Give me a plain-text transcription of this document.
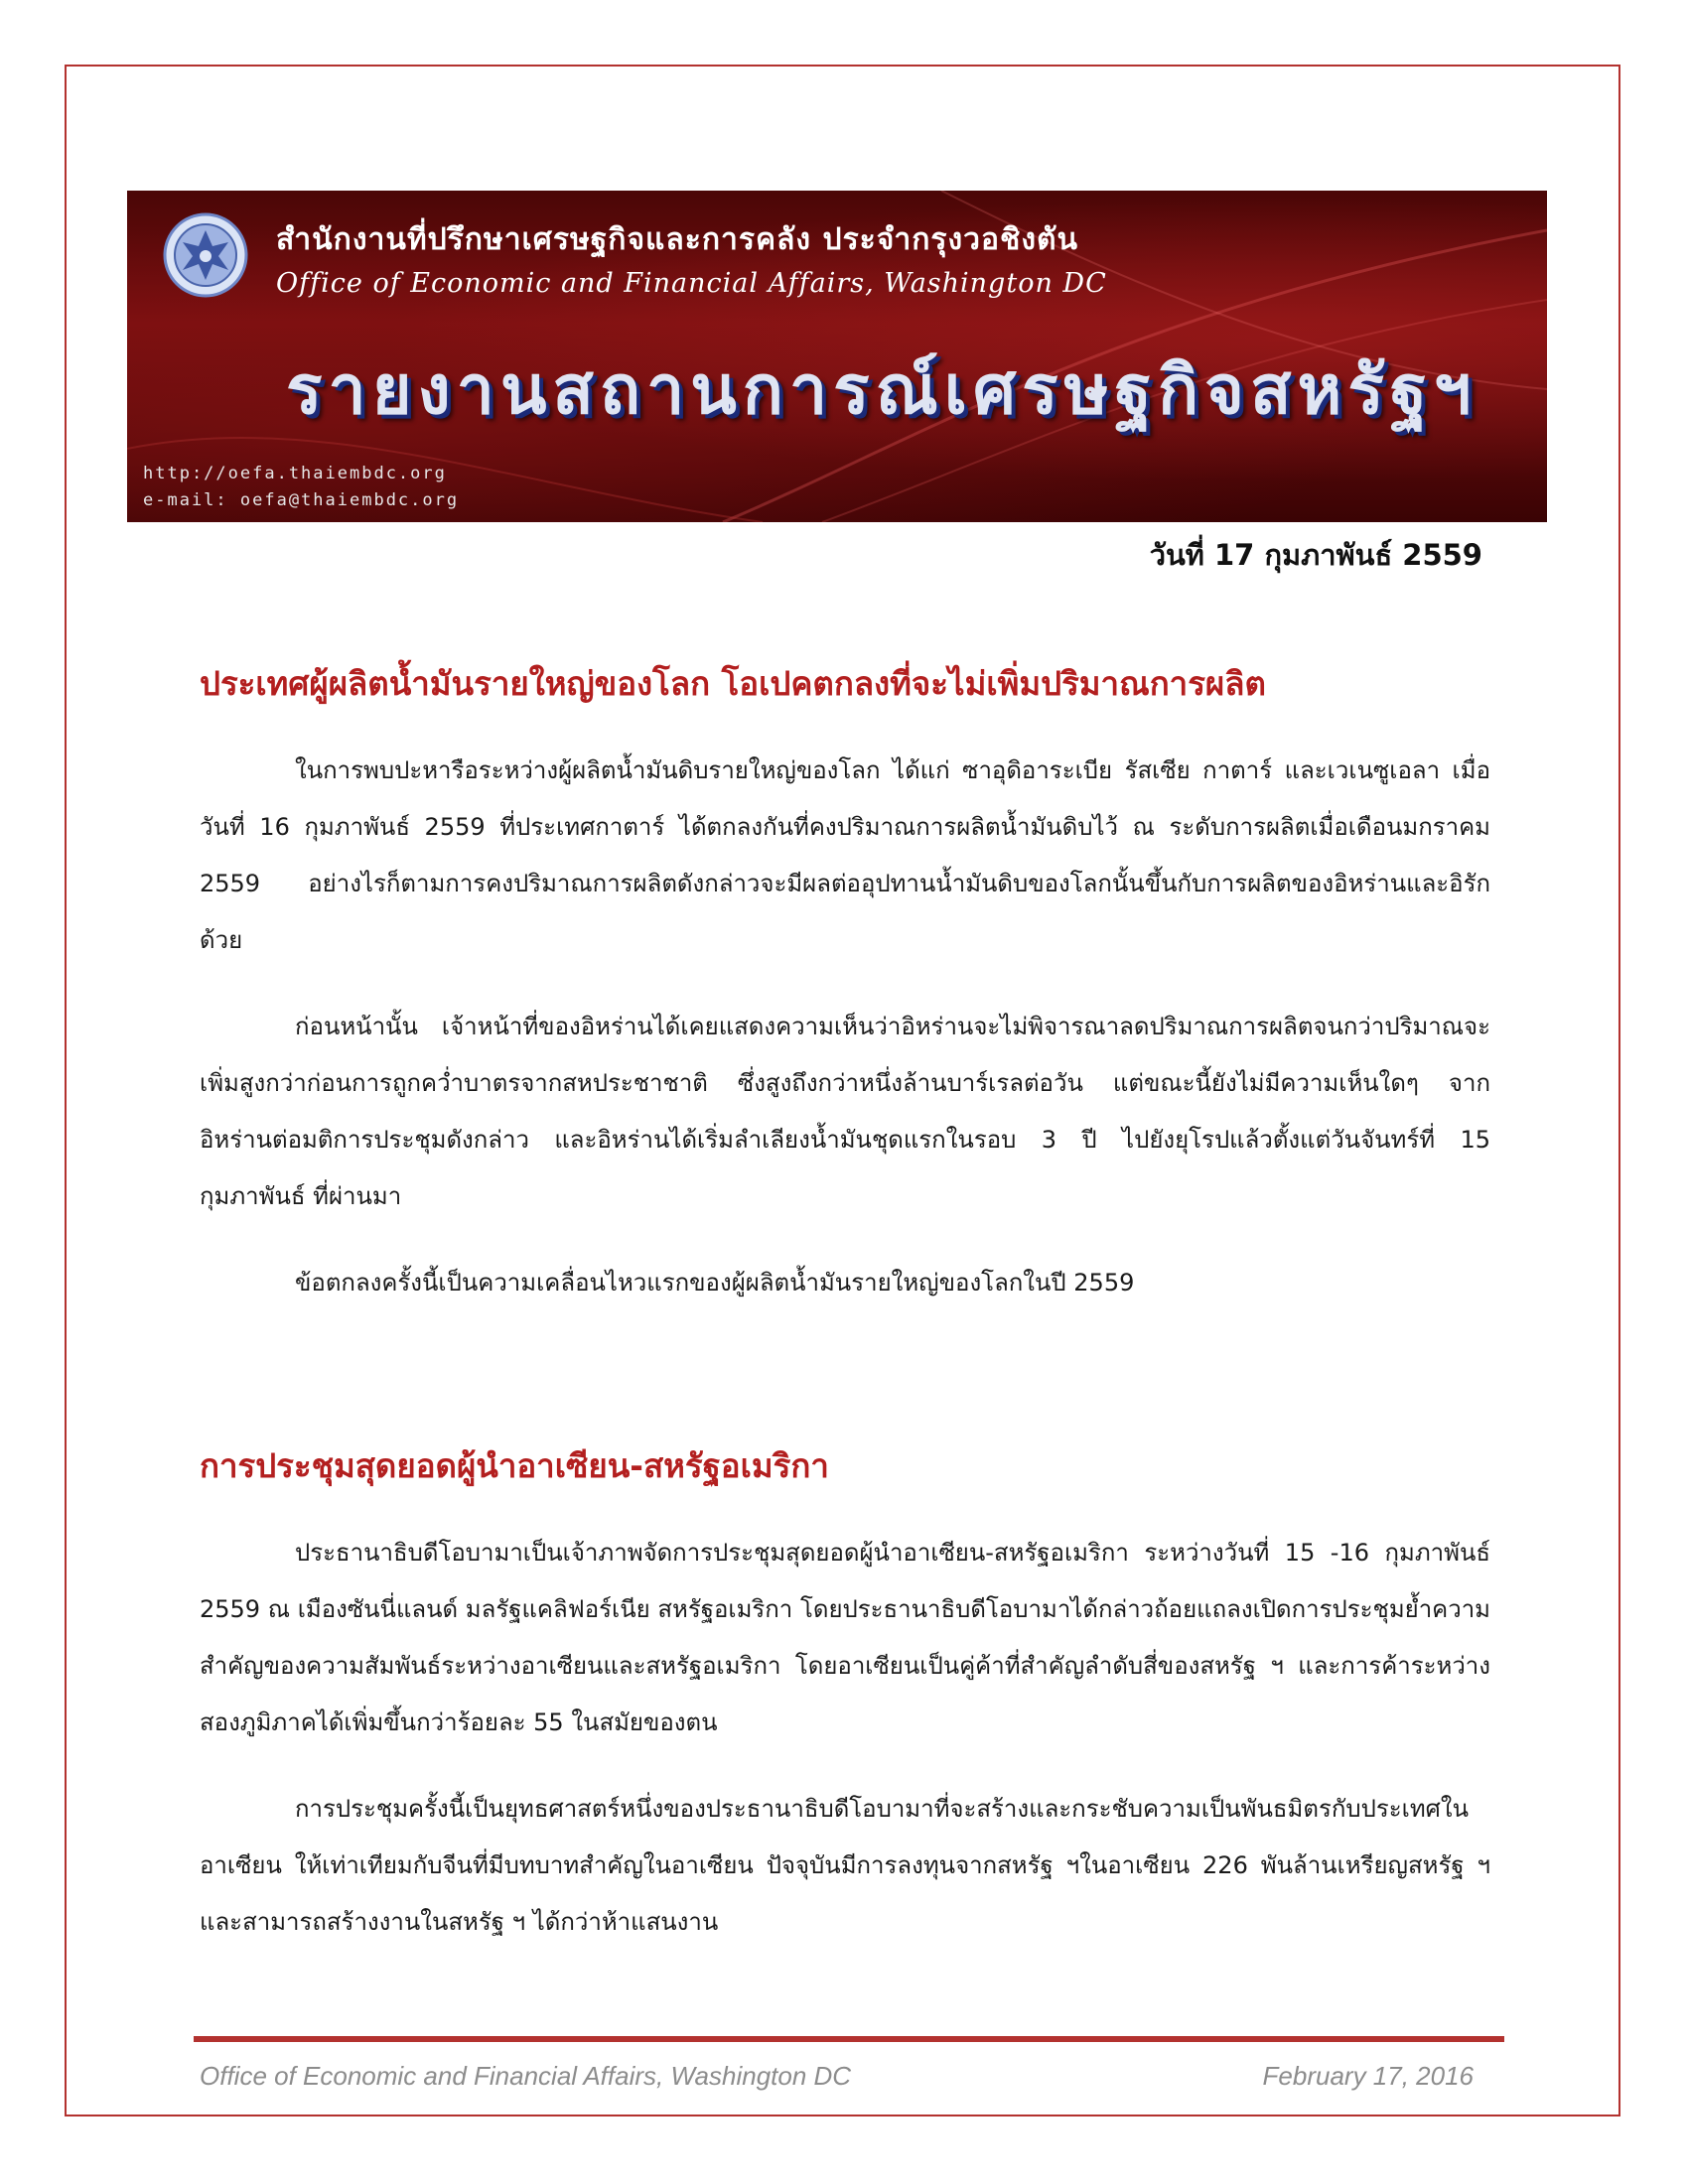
สำนักงานที่ปรึกษาเศรษฐกิจและการคลัง ประจำกรุงวอชิงตัน
Office of Economic and Financial Affairs, Washington DC
รายงานสถานการณ์เศรษฐกิจสหรัฐฯ
http://oefa.thaiembdc.org
e-mail: oefa@thaiembdc.org
วันที่ 17 กุมภาพันธ์ 2559
ประเทศผู้ผลิตน้ำมันรายใหญ่ของโลก โอเปคตกลงที่จะไม่เพิ่มปริมาณการผลิต

ในการพบปะหารือระหว่างผู้ผลิตน้ำมันดิบรายใหญ่ของโลก ได้แก่ ซาอุดิอาระเบีย รัสเซีย กาตาร์ และเวเนซูเอลา เมื่อวันที่ 16 กุมภาพันธ์ 2559 ที่ประเทศกาตาร์ ได้ตกลงกันที่คงปริมาณการผลิตน้ำมันดิบไว้ ณ ระดับการผลิตเมื่อเดือนมกราคม 2559 อย่างไรก็ตามการคงปริมาณการผลิตดังกล่าวจะมีผลต่ออุปทานน้ำมันดิบของโลกนั้นขึ้นกับการผลิตของอิหร่านและอิรักด้วย

ก่อนหน้านั้น เจ้าหน้าที่ของอิหร่านได้เคยแสดงความเห็นว่าอิหร่านจะไม่พิจารณาลดปริมาณการผลิตจนกว่าปริมาณจะเพิ่มสูงกว่าก่อนการถูกคว่ำบาตรจากสหประชาชาติ ซึ่งสูงถึงกว่าหนึ่งล้านบาร์เรลต่อวัน แต่ขณะนี้ยังไม่มีความเห็นใดๆ จากอิหร่านต่อมติการประชุมดังกล่าว และอิหร่านได้เริ่มลำเลียงน้ำมันชุดแรกในรอบ 3 ปี ไปยังยุโรปแล้วตั้งแต่วันจันทร์ที่ 15 กุมภาพันธ์ ที่ผ่านมา

ข้อตกลงครั้งนี้เป็นความเคลื่อนไหวแรกของผู้ผลิตน้ำมันรายใหญ่ของโลกในปี 2559

การประชุมสุดยอดผู้นำอาเซียน-สหรัฐอเมริกา

ประธานาธิบดีโอบามาเป็นเจ้าภาพจัดการประชุมสุดยอดผู้นำอาเซียน-สหรัฐอเมริกา ระหว่างวันที่ 15 -16 กุมภาพันธ์ 2559 ณ เมืองซันนี่แลนด์ มลรัฐแคลิฟอร์เนีย สหรัฐอเมริกา โดยประธานาธิบดีโอบามาได้กล่าวถ้อยแถลงเปิดการประชุมย้ำความสำคัญของความสัมพันธ์ระหว่างอาเซียนและสหรัฐอเมริกา โดยอาเซียนเป็นคู่ค้าที่สำคัญลำดับสี่ของสหรัฐ ฯ และการค้าระหว่างสองภูมิภาคได้เพิ่มขึ้นกว่าร้อยละ 55 ในสมัยของตน

การประชุมครั้งนี้เป็นยุทธศาสตร์หนึ่งของประธานาธิบดีโอบามาที่จะสร้างและกระชับความเป็นพันธมิตรกับประเทศในอาเซียน ให้เท่าเทียมกับจีนที่มีบทบาทสำคัญในอาเซียน ปัจจุบันมีการลงทุนจากสหรัฐ ฯในอาเซียน 226 พันล้านเหรียญสหรัฐ ฯ และสามารถสร้างงานในสหรัฐ ฯ ได้กว่าห้าแสนงาน

Office of Economic and Financial Affairs, Washington DC	February 17, 2016
